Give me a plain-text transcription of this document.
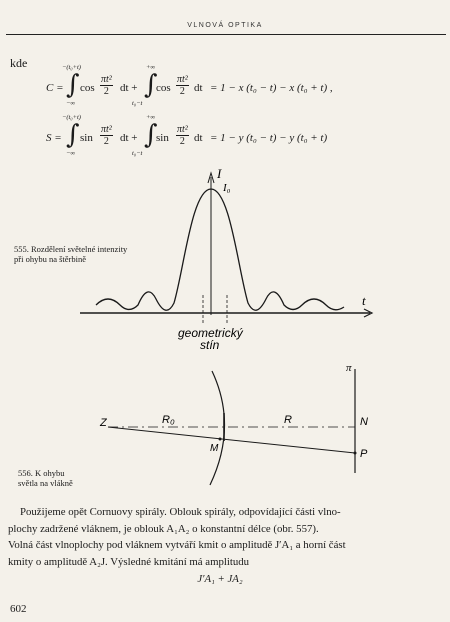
VLNOVÁ OPTIKA
kde
C =
−(t₀+t)
∫
−∞
$\cos \frac{\text{πt²}}{2}$ dt +
+∞
∫
t₀−t
$\cos \frac{\text{πt²}}{2}$ dt = 1 − x (t₀ − t) − x (t₀ + t) ,
S =
−(t₀+t)
∫
−∞
$\sin \frac{\text{πt²}}{2}$ dt +
+∞
∫
t₀−t
$\sin \frac{\text{πt²}}{2}$ dt = 1 − y (t₀ − t) − y (t₀ + t)
I
I₀
t
geometrický
stín
555. Rozdělení světelné intenzity
při ohybu na štěrbině
π
Z	R₀	R	N
M	P
556. K ohybu
světla na vlákně
Použijeme opět Cornuovy spirály. Oblouk spirály, odpovídající části vlno-
plochy zadržené vláknem, je oblouk A₁A₂ o konstantní délce (obr. 557).
Volná část vlnoplochy pod vláknem vytváří kmit o amplitudě J′A₁ a horní část
kmity o amplitudě A₂J. Výsledné kmitání má amplitudu
J′A₁ + JA₂
602
